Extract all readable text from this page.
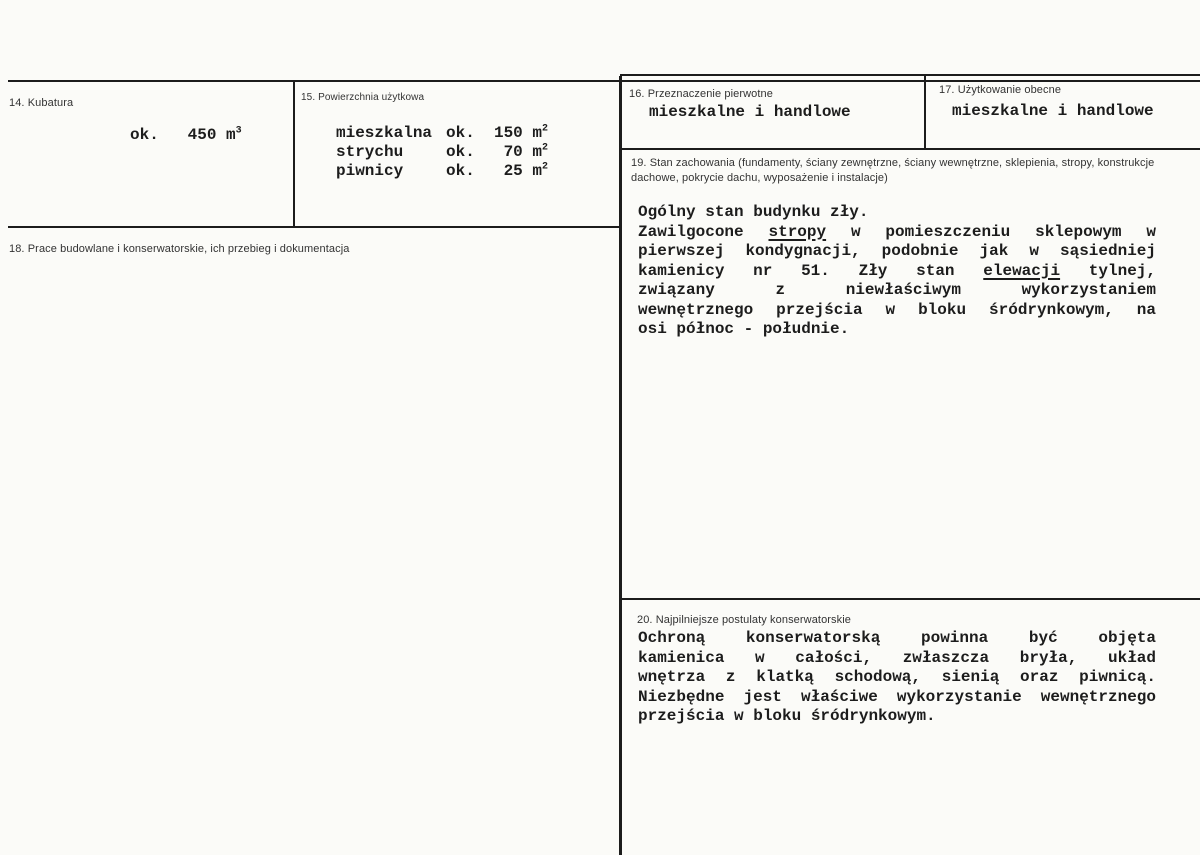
14. Kubatura
ok. 450 $m^3$
15. Powierzchnia użytkowa
mieszkalna	ok.	150 $m^2$
strychu	ok.	70 $m^2$
piwnicy	ok.	25 $m^2$
16. Przeznaczenie pierwotne
mieszkalne i handlowe
17. Użytkowanie obecne
mieszkalne i handlowe
18. Prace budowlane i konserwatorskie, ich przebieg i dokumentacja
19. Stan zachowania (fundamenty, ściany zewnętrzne, ściany wewnętrzne, sklepienia, stropy, konstrukcje dachowe, pokrycie dachu, wyposażenie i instalacje)
Ogólny stan budynku zły.
Zawilgocone stropy w pomieszczeniu sklepowym w
pierwszej kondygnacji, podobnie jak w sąsiedniej
kamienicy nr 51. Zły stan elewacji tylnej,
związany z niewłaściwym wykorzystaniem
wewnętrznego przejścia w bloku śródrynkowym, na
osi północ - południe.
20. Najpilniejsze postulaty konserwatorskie
Ochroną konserwatorską powinna być objęta
kamienica w całości, zwłaszcza bryła, układ
wnętrza z klatką schodową, sienią oraz piwnicą.
Niezbędne jest właściwe wykorzystanie wewnętrznego
przejścia w bloku śródrynkowym.
